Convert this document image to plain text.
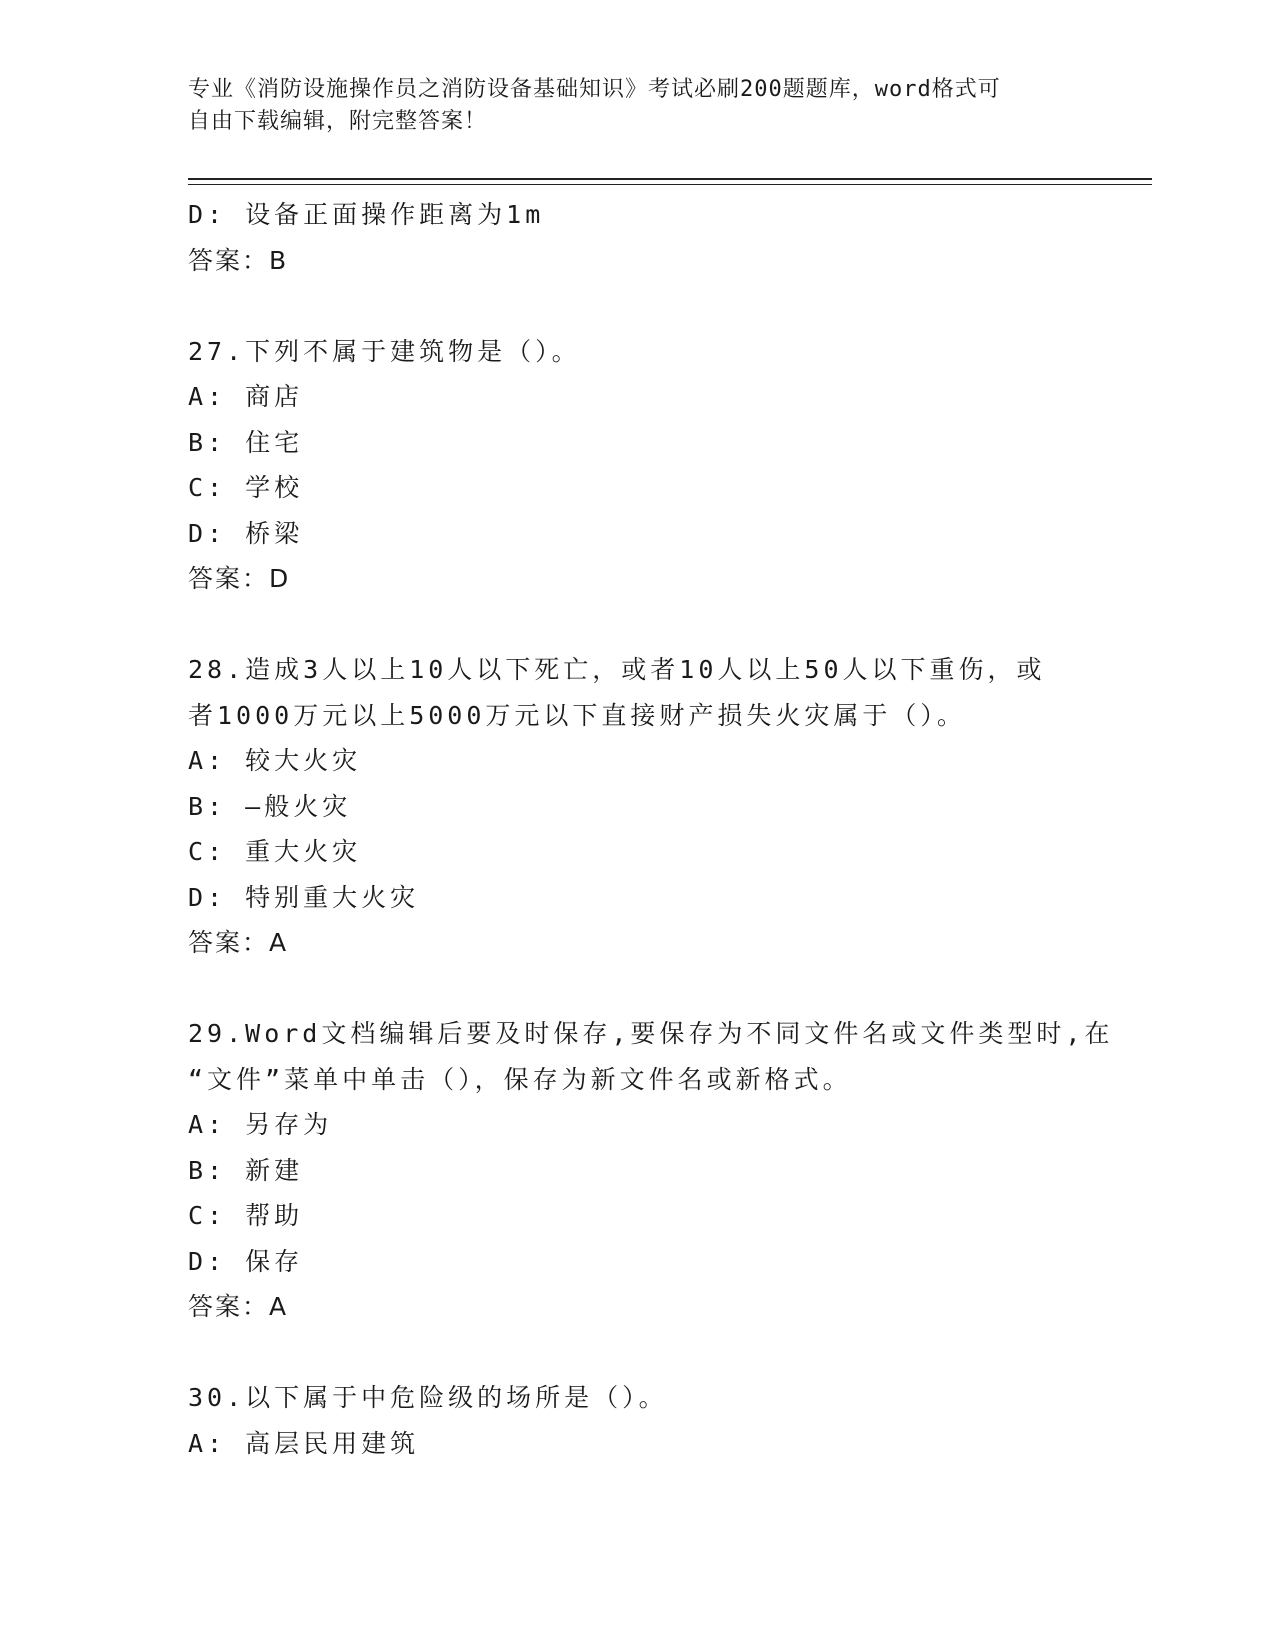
专业《消防设施操作员之消防设备基础知识》考试必刷200题题库，word格式可
自由下载编辑，附完整答案！
D: 设备正面操作距离为1m
答案：B
27.下列不属于建筑物是（）。
A: 商店
B: 住宅
C: 学校
D: 桥梁
答案：D
28.造成3人以上10人以下死亡，或者10人以上50人以下重伤，或
者1000万元以上5000万元以下直接财产损失火灾属于（）。
A: 较大火灾
B: —般火灾
C: 重大火灾
D: 特别重大火灾
答案：A
29.Word文档编辑后要及时保存,要保存为不同文件名或文件类型时,在
“文件”菜单中单击（），保存为新文件名或新格式。
A: 另存为
B: 新建
C: 帮助
D: 保存
答案：A
30.以下属于中危险级的场所是（）。
A: 高层民用建筑
